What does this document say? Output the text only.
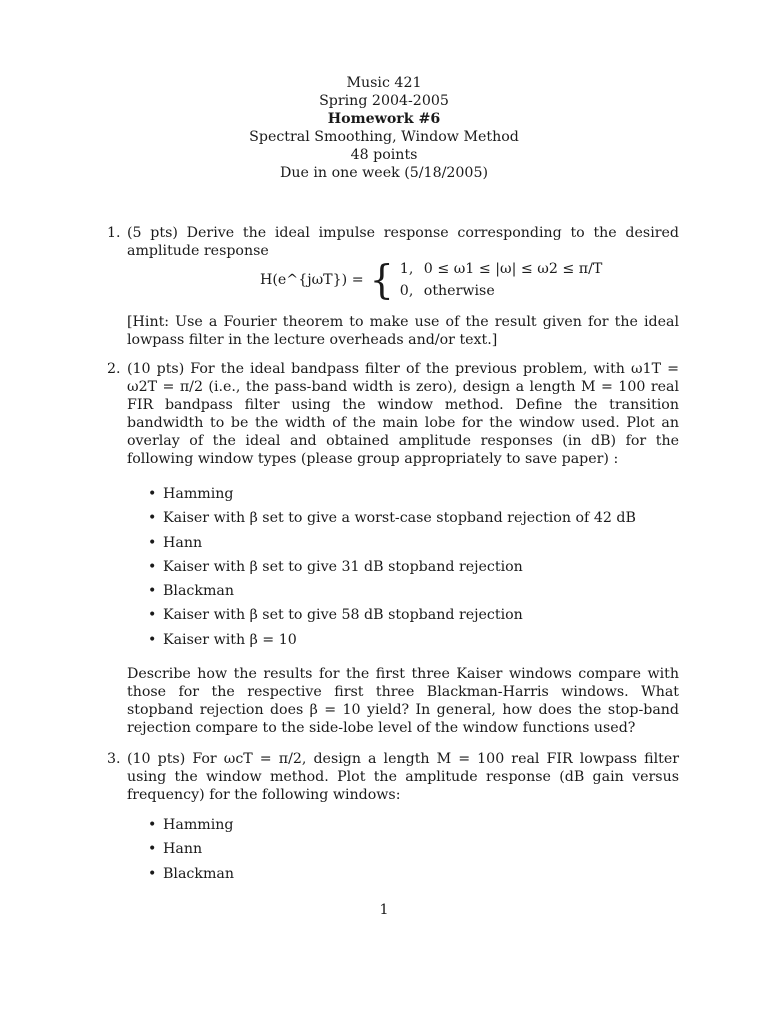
Music 421
Spring 2004-2005
Homework #6
Spectral Smoothing, Window Method
48 points
Due in one week (5/18/2005)
1. (5 pts) Derive the ideal impulse response corresponding to the desired amplitude response
H(e^{jωT}) = { 1, 0 ≤ ω1 ≤ |ω| ≤ ω2 ≤ π/T
0, otherwise
[Hint: Use a Fourier theorem to make use of the result given for the ideal lowpass filter in the lecture overheads and/or text.]
2. (10 pts) For the ideal bandpass filter of the previous problem, with ω1T = ω2T = π/2 (i.e., the pass-band width is zero), design a length M = 100 real FIR bandpass filter using the window method. Define the transition bandwidth to be the width of the main lobe for the window used. Plot an overlay of the ideal and obtained amplitude responses (in dB) for the following window types (please group appropriately to save paper) :
• Hamming
• Kaiser with β set to give a worst-case stopband rejection of 42 dB
• Hann
• Kaiser with β set to give 31 dB stopband rejection
• Blackman
• Kaiser with β set to give 58 dB stopband rejection
• Kaiser with β = 10
Describe how the results for the first three Kaiser windows compare with those for the respective first three Blackman-Harris windows. What stopband rejection does β = 10 yield? In general, how does the stop-band rejection compare to the side-lobe level of the window functions used?
3. (10 pts) For ωcT = π/2, design a length M = 100 real FIR lowpass filter using the window method. Plot the amplitude response (dB gain versus frequency) for the following windows:
• Hamming
• Hann
• Blackman
1
